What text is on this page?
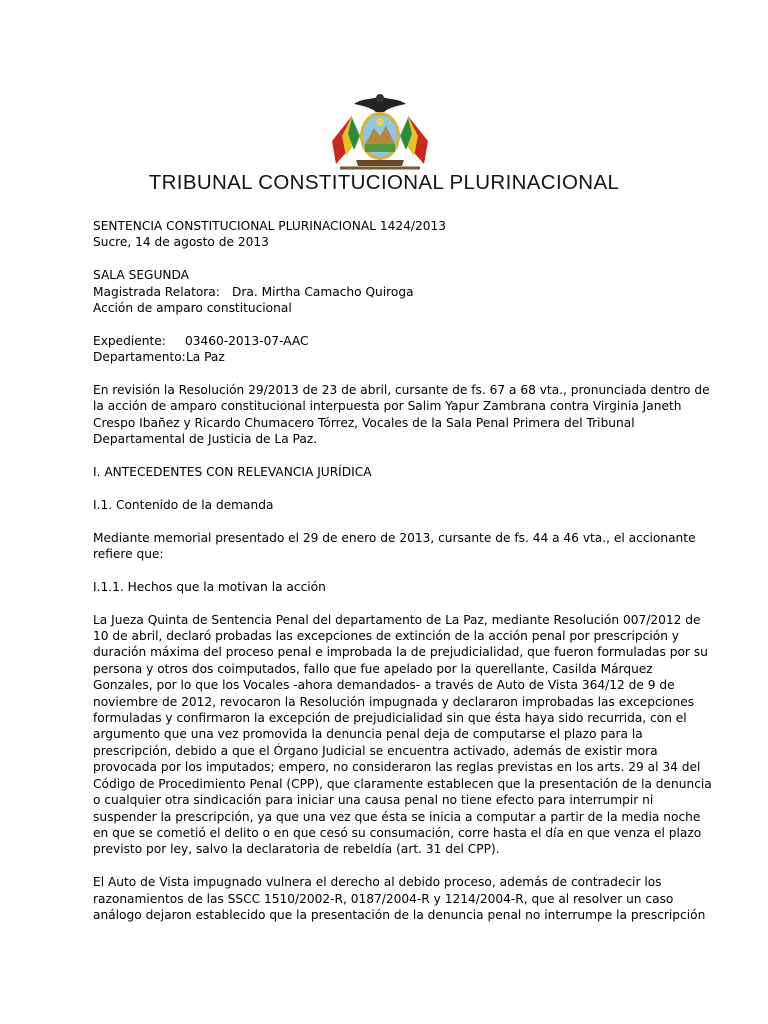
TRIBUNAL CONSTITUCIONAL PLURINACIONAL
SENTENCIA CONSTITUCIONAL PLURINACIONAL 1424/2013
Sucre, 14 de agosto de 2013
SALA SEGUNDA
Magistrada Relatora: Dra. Mirtha Camacho Quiroga
Acción de amparo constitucional
Expediente: 03460-2013-07-AAC
Departamento:La Paz
En revisión la Resolución 29/2013 de 23 de abril, cursante de fs. 67 a 68 vta., pronunciada dentro de
la acción de amparo constitucional interpuesta por Salim Yapur Zambrana contra Virginia Janeth
Crespo Ibañez y Ricardo Chumacero Tórrez, Vocales de la Sala Penal Primera del Tribunal
Departamental de Justicia de La Paz.
I. ANTECEDENTES CON RELEVANCIA JURÍDICA
I.1. Contenido de la demanda
Mediante memorial presentado el 29 de enero de 2013, cursante de fs. 44 a 46 vta., el accionante
refiere que:
I.1.1. Hechos que la motivan la acción
La Jueza Quinta de Sentencia Penal del departamento de La Paz, mediante Resolución 007/2012 de
10 de abril, declaró probadas las excepciones de extinción de la acción penal por prescripción y
duración máxima del proceso penal e improbada la de prejudicialidad, que fueron formuladas por su
persona y otros dos coimputados, fallo que fue apelado por la querellante, Casilda Márquez
Gonzales, por lo que los Vocales -ahora demandados- a través de Auto de Vista 364/12 de 9 de
noviembre de 2012, revocaron la Resolución impugnada y declararon improbadas las excepciones
formuladas y confirmaron la excepción de prejudicialidad sin que ésta haya sido recurrida, con el
argumento que una vez promovida la denuncia penal deja de computarse el plazo para la
prescripción, debido a que el Órgano Judicial se encuentra activado, además de existir mora
provocada por los imputados; empero, no consideraron las reglas previstas en los arts. 29 al 34 del
Código de Procedimiento Penal (CPP), que claramente establecen que la presentación de la denuncia
o cualquier otra sindicación para iniciar una causa penal no tiene efecto para interrumpir ni
suspender la prescripción, ya que una vez que ésta se inicia a computar a partir de la media noche
en que se cometió el delito o en que cesó su consumación, corre hasta el día en que venza el plazo
previsto por ley, salvo la declaratoria de rebeldía (art. 31 del CPP).
El Auto de Vista impugnado vulnera el derecho al debido proceso, además de contradecir los
razonamientos de las SSCC 1510/2002-R, 0187/2004-R y 1214/2004-R, que al resolver un caso
análogo dejaron establecido que la presentación de la denuncia penal no interrumpe la prescripción
